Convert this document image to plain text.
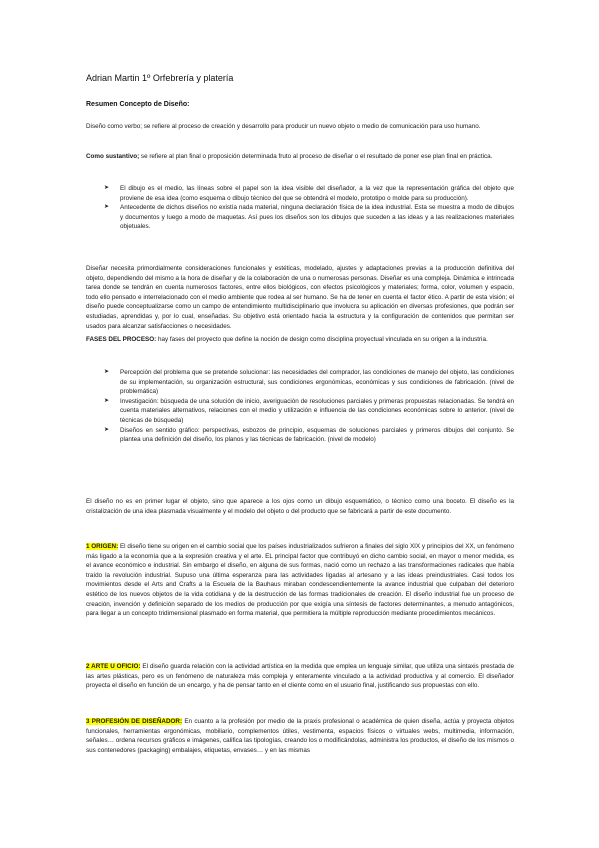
Adrian Martin 1º Orfebrería y platería
Resumen Concepto de Diseño:

Diseño como verbo; se refiere al proceso de creación y desarrollo para producir un nuevo objeto o medio de comunicación para uso humano.

Como sustantivo; se refiere al plan final o proposición determinada fruto al proceso de diseñar o el resultado de poner ese plan final en práctica.

➤ El dibujo es el medio, las líneas sobre el papel son la idea visible del diseñador, a la vez que la representación gráfica del objeto que proviene de esa idea (como esquema o dibujo técnico del que se obtendrá el modelo, prototipo o molde para su producción).
➤ Antecedente de dichos diseños no existía nada material, ninguna declaración física de la idea industrial. Esta se muestra a modo de dibujos y documentos y luego a modo de maquetas. Así pues los diseños son los dibujos que suceden a las ideas y a las realizaciones materiales objetuales.

Diseñar necesita primordialmente consideraciones funcionales y estéticas, modelado, ajustes y adaptaciones previas a la producción definitiva del objeto, dependiendo del mismo a la hora de diseñar y de la colaboración de una o numerosas personas. Diseñar es una compleja. Dinámica e intrincada tarea donde se tendrán en cuenta numerosos factores, entre ellos biológicos, con efectos psicológicos y materiales; forma, color, volumen y espacio, todo ello pensado e interrelacionado con el medio ambiente que rodea al ser humano. Se ha de tener en cuenta el factor ético. A partir de esta visión; el diseño puede conceptualizarse como un campo de entendimiento multidisciplinario que involucra su aplicación en diversas profesiones, que podrán ser estudiadas, aprendidas y, por lo cual, enseñadas. Su objetivo está orientado hacia la estructura y la configuración de contenidos que permitan ser usados para alcanzar satisfacciones o necesidades.

FASES DEL PROCESO: hay fases del proyecto que define la noción de design como disciplina proyectual vinculada en su origen a la industria.

➤ Percepción del problema que se pretende solucionar: las necesidades del comprador, las condiciones de manejo del objeto, las condiciones de su implementación, su organización estructural, sus condiciones ergonómicas, económicas y sus condiciones de fabricación. (nivel de problemática)
➤ Investigación: búsqueda de una solución de inicio, averiguación de resoluciones parciales y primeras propuestas relacionadas. Se tendrá en cuenta materiales alternativos, relaciones con el medio y utilización e influencia de las condiciones económicas sobre lo anterior. (nivel de técnicas de búsqueda)
➤ Diseños en sentido gráfico: perspectivas, esbozos de principio, esquemas de soluciones parciales y primeros dibujos del conjunto. Se plantea una definición del diseño, los planos y las técnicas de fabricación. (nivel de modelo)

El diseño no es en primer lugar el objeto, sino que aparece a los ojos como un dibujo esquemático, o técnico como una boceto. El diseño es la cristalización de una idea plasmada visualmente y el modelo del objeto o del producto que se fabricará a partir de este documento.

1 ORIGEN: El diseño tiene su origen en el cambio social que los países industrializados sufrieron a finales del siglo XIX y principios del XX, un fenómeno más ligado a la economía que a la expresión creativa y el arte. EL principal factor que contribuyó en dicho cambio social, en mayor o menor medida, es el avance económico e industrial. Sin embargo el diseño, en alguna de sus formas, nació como un rechazo a las transformaciones radicales que había traído la revolución industrial. Supuso una última esperanza para las actividades ligadas al artesano y a las ideas preindustriales. Casi todos los movimientos desde el Arts and Crafts a la Escuela de la Bauhaus miraban condescendientemente la avance industrial que culpaban del deterioro estético de los nuevos objetos de la vida cotidiana y de la destrucción de las formas tradicionales de creación. El diseño industrial fue un proceso de creación, invención y definición separado de los medios de producción por que exigía una síntesis de factores determinantes, a menudo antagónicos, para llegar a un concepto tridimensional plasmado en forma material, que permitiera la múltiple reproducción mediante procedimientos mecánicos.

2 ARTE U OFICIO: El diseño guarda relación con la actividad artística en la medida que emplea un lenguaje similar, que utiliza una sintaxis prestada de las artes plásticas, pero es un fenómeno de naturaleza más compleja y enteramente vinculado a la actividad productiva y al comercio. El diseñador proyecta el diseño en función de un encargo, y ha de pensar tanto en el cliente como en el usuario final, justificando sus propuestas con ello.

3 PROFESIÓN DE DISEÑADOR: En cuanto a la profesión por medio de la praxis profesional o académica de quien diseña, actúa y proyecta objetos funcionales, herramientas ergonómicas, mobiliario, complementos útiles, vestimenta, espacios físicos o virtuales webs, multimedia, información, señales… ordena recursos gráficos e imágenes, califica las tipologías, creando los o modificándolas, administra los productos, el diseño de los mismos o sus contenedores (packaging) embalajes, etiquetas, envases… y en las mismas
